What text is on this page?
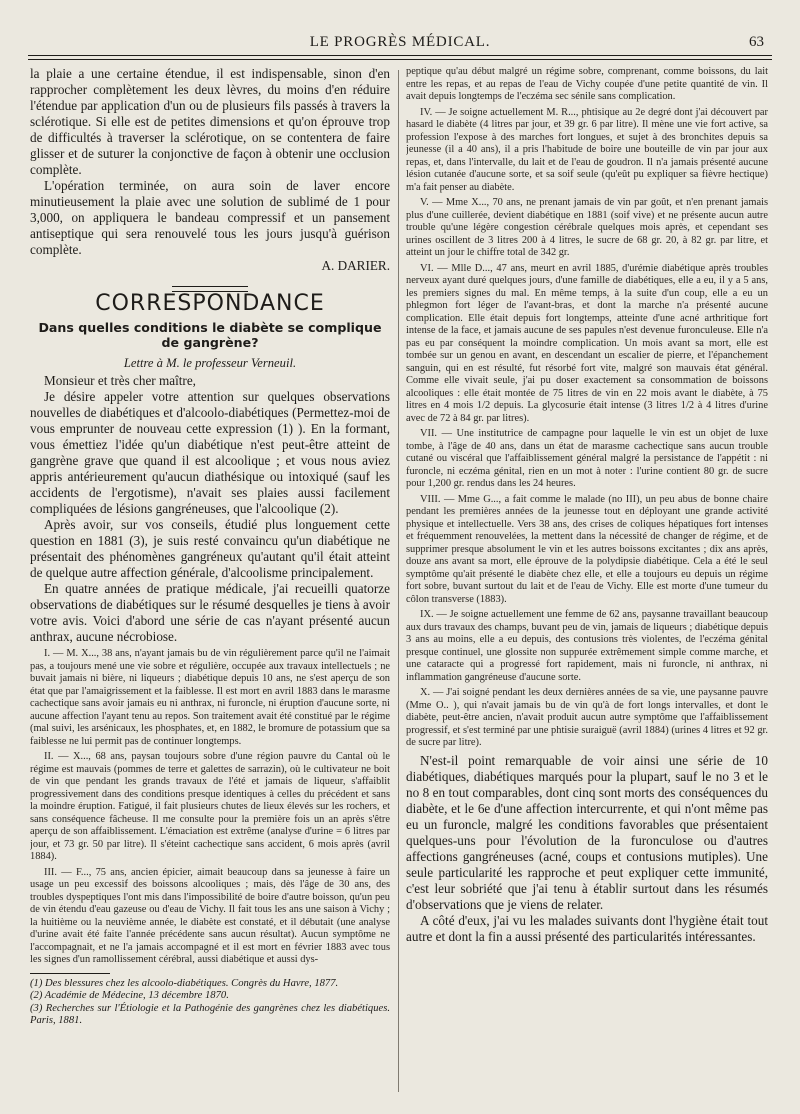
LE PROGRÈS MÉDICAL.	63

la plaie a une certaine étendue, il est indispensable, sinon d'en rapprocher complètement les deux lèvres, du moins d'en réduire l'étendue par application d'un ou de plusieurs fils passés à travers la sclérotique. Si elle est de petites dimensions et qu'on éprouve trop de difficultés à traverser la sclérotique, on se contentera de faire glisser et de suturer la conjonctive de façon à obtenir une occlusion complète.

L'opération terminée, on aura soin de laver encore minutieusement la plaie avec une solution de sublimé de 1 pour 3,000, on appliquera le bandeau compressif et un pansement antiseptique qui sera renouvelé tous les jours jusqu'à guérison complète.

A. DARIER.

CORRESPONDANCE
Dans quelles conditions le diabète se complique de gangrène?
Lettre à M. le professeur Verneuil.

Monsieur et très cher maître,

Je désire appeler votre attention sur quelques observations nouvelles de diabétiques et d'alcoolo-diabétiques (Permettez-moi de vous emprunter de nouveau cette expression (1) ). En la formant, vous émettiez l'idée qu'un diabétique n'est peut-être atteint de gangrène grave que quand il est alcoolique ; et vous nous aviez appris antérieurement qu'aucun diathésique ou intoxiqué (sauf les accidents de l'ergotisme), n'avait ses plaies aussi facilement compliquées de lésions gangréneuses, que l'alcoolique (2).

Après avoir, sur vos conseils, étudié plus longuement cette question en 1881 (3), je suis resté convaincu qu'un diabétique ne présentait des phénomènes gangréneux qu'autant qu'il était atteint de quelque autre affection générale, d'alcoolisme principalement.

En quatre années de pratique médicale, j'ai recueilli quatorze observations de diabétiques sur le résumé desquelles je tiens à avoir votre avis. Voici d'abord une série de cas n'ayant présenté aucun anthrax, aucune nécrobiose.

I. — M. X..., 38 ans, n'ayant jamais bu de vin régulièrement parce qu'il ne l'aimait pas, a toujours mené une vie sobre et régulière, occupée aux travaux intellectuels ; ne buvait jamais ni bière, ni liqueurs ; diabétique depuis 10 ans, ne s'est aperçu de son état que par l'amaigrissement et la faiblesse. Il est mort en avril 1883 dans le marasme cachectique sans avoir jamais eu ni anthrax, ni furoncle, ni éruption d'aucune sorte, ni aucune affection l'ayant tenu au repos. Son traitement avait été constitué par le régime (mal suivi, les arsénicaux, les phosphates, et, en 1882, le bromure de potassium que sa faiblesse ne lui permit pas de continuer longtemps.

II. — X..., 68 ans, paysan toujours sobre d'une région pauvre du Cantal où le régime est mauvais (pommes de terre et galettes de sarrazin), où le cultivateur ne boit de vin que pendant les grands travaux de l'été et jamais de liqueur, s'affaiblit progressivement dans des conditions presque identiques à celles du précédent et sans la moindre éruption. Fatigué, il fait plusieurs chutes de lieux élevés sur les rochers, et sans conséquence fâcheuse. Il me consulte pour la première fois un an après s'être aperçu de son affaiblissement. L'émaciation est extrême (analyse d'urine = 6 litres par jour, et 73 gr. 50 par litre). Il s'éteint cachectique sans accident, 6 mois après (avril 1884).

III. — F..., 75 ans, ancien épicier, aimait beaucoup dans sa jeunesse à faire un usage un peu excessif des boissons alcooliques ; mais, dès l'âge de 30 ans, des troubles dyspeptiques l'ont mis dans l'impossibilité de boire d'autre boisson, qu'un peu de vin étendu d'eau gazeuse ou d'eau de Vichy. Il fait tous les ans une saison à Vichy ; la huitième ou la neuvième année, le diabète est constaté, et il débutait (une analyse d'urine avait été faite l'année précédente sans aucun résultat). Aucun symptôme ne l'accompagnait, et ne l'a jamais accompagné et il est mort en février 1883 avec tous les signes d'un ramollissement cérébral, aussi diabétique et aussi dys-

(1) Des blessures chez les alcoolo-diabétiques. Congrès du Havre, 1877.

(2) Académie de Médecine, 13 décembre 1870.

(3) Recherches sur l'Étiologie et la Pathogénie des gangrènes chez les diabétiques. Paris, 1881.

peptique qu'au début malgré un régime sobre, comprenant, comme boissons, du lait entre les repas, et au repas de l'eau de Vichy coupée d'une petite quantité de vin. Il avait depuis longtemps de l'eczéma sec sénile sans complication.

IV. — Je soigne actuellement M. R..., phtisique au 2e degré dont j'ai découvert par hasard le diabète (4 litres par jour, et 39 gr. 6 par litre). Il mène une vie fort active, sa profession l'expose à des marches fort longues, et sujet à des bronchites depuis sa jeunesse (il a 40 ans), il a pris l'habitude de boire une bouteille de vin par jour aux repas, et, dans l'intervalle, du lait et de l'eau de goudron. Il n'a jamais présenté aucune lésion cutanée d'aucune sorte, et sa soif seule (qu'eût pu expliquer sa fièvre hectique) m'a fait penser au diabète.

V. — Mme X..., 70 ans, ne prenant jamais de vin par goût, et n'en prenant jamais plus d'une cuillerée, devient diabétique en 1881 (soif vive) et ne présente aucun autre trouble qu'une légère congestion cérébrale quelques mois après, et cependant ses urines oscillent de 3 litres 200 à 4 litres, le sucre de 68 gr. 20, à 82 gr. par litre, et atteint un jour le chiffre total de 342 gr.

VI. — Mlle D..., 47 ans, meurt en avril 1885, d'urémie diabétique après troubles nerveux ayant duré quelques jours, d'une famille de diabétiques, elle a eu, il y a 5 ans, les premiers signes du mal. En même temps, à la suite d'un coup, elle a eu un phlegmon fort léger de l'avant-bras, et dont la marche n'a présenté aucune complication. Elle était depuis fort longtemps, atteinte d'une acné arthritique fort intense de la face, et jamais aucune de ses papules n'est devenue furonculeuse. Elle n'a pas eu par conséquent la moindre complication. Un mois avant sa mort, elle est tombée sur un genou en avant, en descendant un escalier de pierre, et l'épanchement sanguin, qui en est résulté, fut résorbé fort vite, malgré son mauvais état général. Comme elle vivait seule, j'ai pu doser exactement sa consommation de boissons alcooliques : elle était montée de 75 litres de vin en 22 mois avant le diabète, à 75 litres en 4 mois 1/2 depuis. La glycosurie était intense (3 litres 1/2 à 4 litres d'urine avec de 72 à 84 gr. par litres).

VII. — Une institutrice de campagne pour laquelle le vin est un objet de luxe tombe, à l'âge de 40 ans, dans un état de marasme cachectique sans aucun trouble cutané ou viscéral que l'affaiblissement général malgré la persistance de l'appétit : ni furoncle, ni eczéma génital, rien en un mot à noter : l'urine contient 80 gr. de sucre pour 1,200 gr. rendus dans les 24 heures.

VIII. — Mme G..., a fait comme le malade (no III), un peu abus de bonne chaire pendant les premières années de la jeunesse tout en déployant une grande activité physique et intellectuelle. Vers 38 ans, des crises de coliques hépatiques fort intenses et fréquemment renouvelées, la mettent dans la nécessité de changer de régime, et de supprimer presque absolument le vin et les autres boissons excitantes ; dix ans après, douze ans avant sa mort, elle éprouve de la polydipsie diabétique. Cela a été le seul symptôme qu'ait présenté le diabète chez elle, et elle a toujours eu depuis un régime fort sobre, buvant surtout du lait et de l'eau de Vichy. Elle est morte d'une tumeur du côlon transverse (1883).

IX. — Je soigne actuellement une femme de 62 ans, paysanne travaillant beaucoup aux durs travaux des champs, buvant peu de vin, jamais de liqueurs ; diabétique depuis 3 ans au moins, elle a eu depuis, des contusions très violentes, de l'eczéma génital presque continuel, une glossite non suppurée extrêmement simple comme marche, et une cataracte qui a progressé fort rapidement, mais ni furoncle, ni anthrax, ni inflammation gangréneuse d'aucune sorte.

X. — J'ai soigné pendant les deux dernières années de sa vie, une paysanne pauvre (Mme O.. ), qui n'avait jamais bu de vin qu'à de fort longs intervalles, et dont le diabète, peut-être ancien, n'avait produit aucun autre symptôme que l'affaiblissement progressif, et s'est terminé par une phtisie suraiguë (avril 1884) (urines 4 litres et 92 gr. de sucre par litre).

N'est-il point remarquable de voir ainsi une série de 10 diabétiques, diabétiques marqués pour la plupart, sauf le no 3 et le no 8 en tout comparables, dont cinq sont morts des conséquences du diabète, et le 6e d'une affection intercurrente, et qui n'ont même pas eu un furoncle, malgré les conditions favorables que présentaient quelques-uns pour l'évolution de la furonculose ou d'autres affections gangréneuses (acné, coups et contusions mutiples). Une seule particularité les rapproche et peut expliquer cette immunité, c'est leur sobriété que j'ai tenu à établir surtout dans les résumés d'observations que je viens de relater.

A côté d'eux, j'ai vu les malades suivants dont l'hygiène était tout autre et dont la fin a aussi présenté des particularités intéressantes.
